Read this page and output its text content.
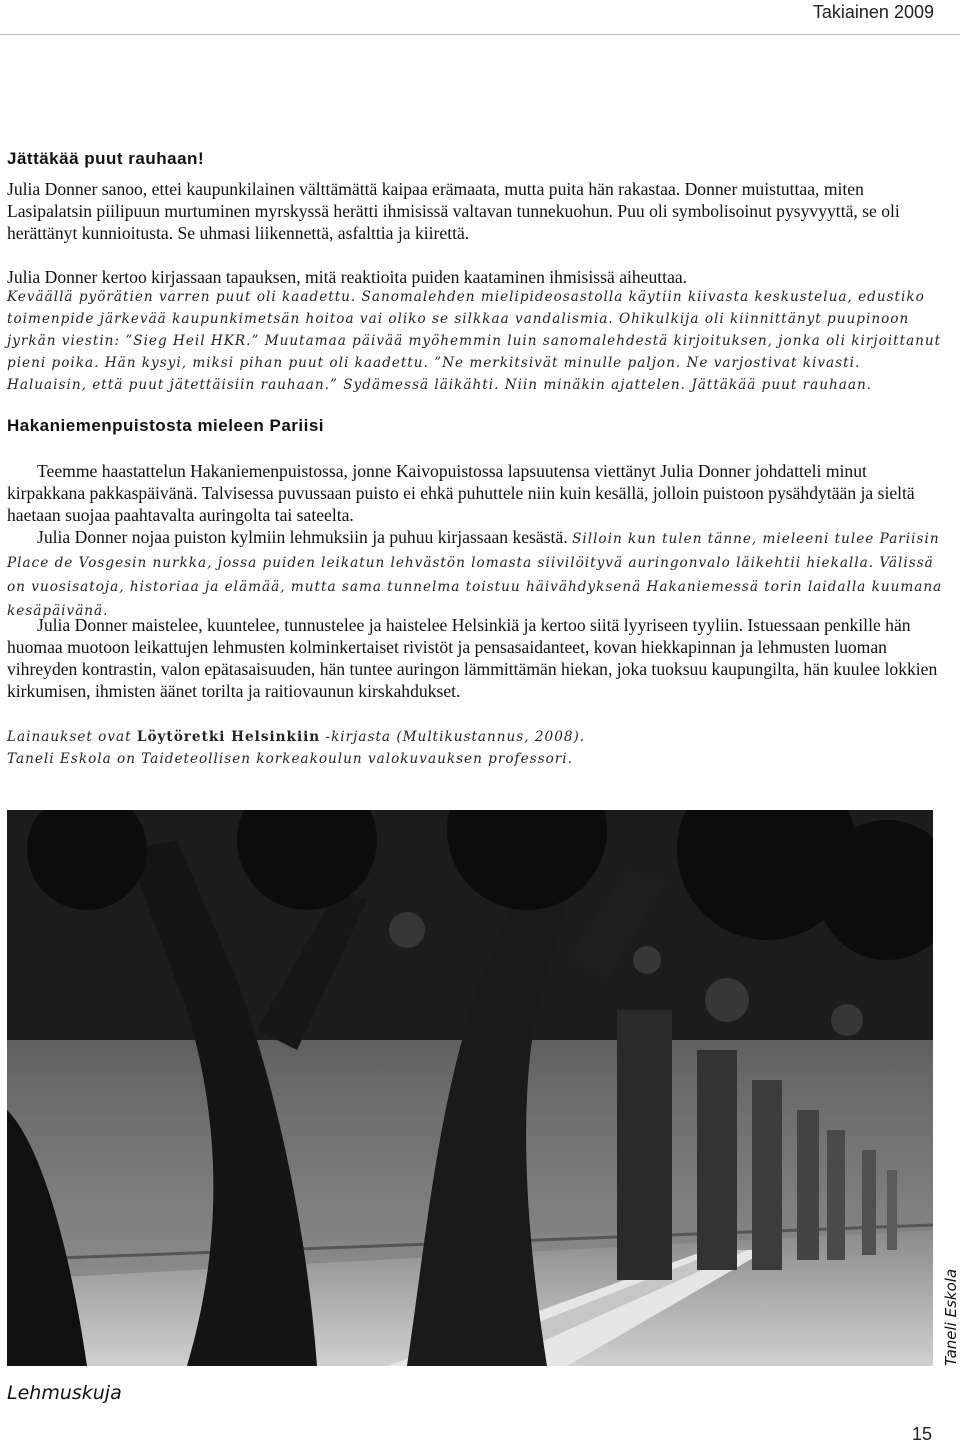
Takiainen 2009
Jättäkää puut rauhaan!

Julia Donner sanoo, ettei kaupunkilainen välttämättä kaipaa erämaata, mutta puita hän rakastaa. Donner muistuttaa, miten Lasipalatsin piilipuun murtuminen myrskyssä herätti ihmisissä valtavan tunnekuohun. Puu oli symbolisoinut pysyvyyttä, se oli herättänyt kunnioitusta. Se uhmasi liikennettä, asfalttia ja kiirettä.

Julia Donner kertoo kirjassaan tapauksen, mitä reaktioita puiden kaataminen ihmisissä aiheuttaa.

Keväällä pyörätien varren puut oli kaadettu. Sanomalehden mielipideosastolla käytiin kiivasta keskustelua, edustiko toimenpide järkevää kaupunkimetsän hoitoa vai oliko se silkkaa vandalismia. Ohikulkija oli kiinnittänyt puupinoon jyrkän viestin: ”Sieg Heil HKR.” Muutamaa päivää myöhemmin luin sanomalehdestä kirjoituksen, jonka oli kirjoittanut pieni poika. Hän kysyi, miksi pihan puut oli kaadettu. ”Ne merkitsivät minulle paljon. Ne varjostivat kivasti. Haluaisin, että puut jätettäisiin rauhaan.” Sydämessä läikähti. Niin minäkin ajattelen. Jättäkää puut rauhaan.

Hakaniemenpuistosta mieleen Pariisi

Teemme haastattelun Hakaniemenpuistossa, jonne Kaivopuistossa lapsuutensa viettänyt Julia Donner johdatteli minut kirpakkana pakkaspäivänä. Talvisessa puvussaan puisto ei ehkä puhuttele niin kuin kesällä, jolloin puistoon pysähdytään ja sieltä haetaan suojaa paahtavalta auringolta tai sateelta.

Julia Donner nojaa puiston kylmiin lehmuksiin ja puhuu kirjassaan kesästä. Silloin kun tulen tänne, mieleeni tulee Pariisin Place de Vosgesin nurkka, jossa puiden leikatun lehvästön lomasta siivilöityvä auringonvalo läikehtii hiekalla. Välissä on vuosisatoja, historiaa ja elämää, mutta sama tunnelma toistuu häivähdyksenä Hakaniemessä torin laidalla kuumana kesäpäivänä.

Julia Donner maistelee, kuuntelee, tunnustelee ja haistelee Helsinkiä ja kertoo siitä lyyriseen tyyliin. Istuessaan penkille hän huomaa muotoon leikattujen lehmusten kolminkertaiset rivistöt ja pensasaidanteet, kovan hiekkapinnan ja lehmusten luoman vihreyden kontrastin, valon epätasaisuuden, hän tuntee auringon lämmittämän hiekan, joka tuoksuu kaupungilta, hän kuulee lokkien kirkumisen, ihmisten äänet torilta ja raitiovaunun kirskahdukset.

Lainaukset ovat Löytöretki Helsinkiin -kirjasta (Multikustannus, 2008).
Taneli Eskola on Taideteollisen korkeakoulun valokuvauksen professori.
Taneli Eskola
Lehmuskuja
15
